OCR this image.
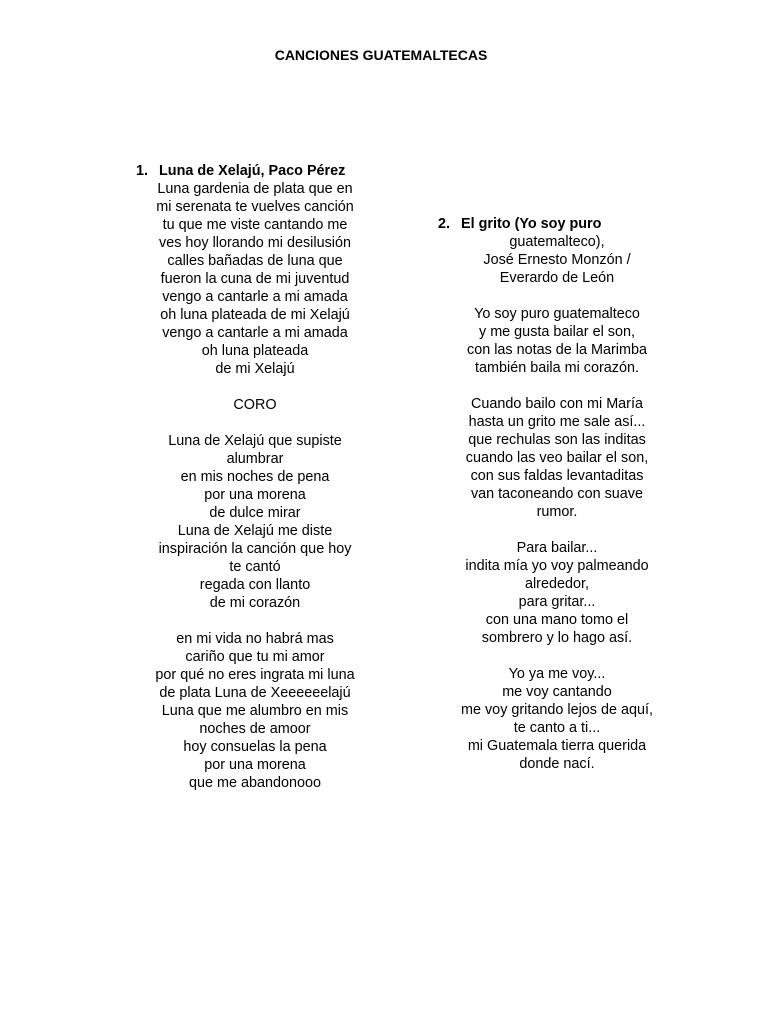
CANCIONES GUATEMALTECAS
1. Luna de Xelajú, Paco Pérez
Luna gardenia de plata que en
mi serenata te vuelves canción
tu que me viste cantando me
ves hoy llorando mi desilusión
calles bañadas de luna que
fueron la cuna de mi juventud
vengo a cantarle a mi amada
oh luna plateada de mi Xelajú
vengo a cantarle a mi amada
oh luna plateada
de mi Xelajú
CORO
Luna de Xelajú que supiste
alumbrar
en mis noches de pena
por una morena
de dulce mirar
Luna de Xelajú me diste
inspiración la canción que hoy
te cantó
regada con llanto
de mi corazón
en mi vida no habrá mas
cariño que tu mi amor
por qué no eres ingrata mi luna
de plata Luna de Xeeeeeelajú
Luna que me alumbro en mis
noches de amoor
hoy consuelas la pena
por una morena
que me abandonooo
2. El grito (Yo soy puro
guatemalteco),
José Ernesto Monzón /
Everardo de León
Yo soy puro guatemalteco
y me gusta bailar el son,
con las notas de la Marimba
también baila mi corazón.
Cuando bailo con mi María
hasta un grito me sale así...
que rechulas son las inditas
cuando las veo bailar el son,
con sus faldas levantaditas
van taconeando con suave
rumor.
Para bailar...
indita mía yo voy palmeando
alrededor,
para gritar...
con una mano tomo el
sombrero y lo hago así.
Yo ya me voy...
me voy cantando
me voy gritando lejos de aquí,
te canto a ti...
mi Guatemala tierra querida
donde nací.
